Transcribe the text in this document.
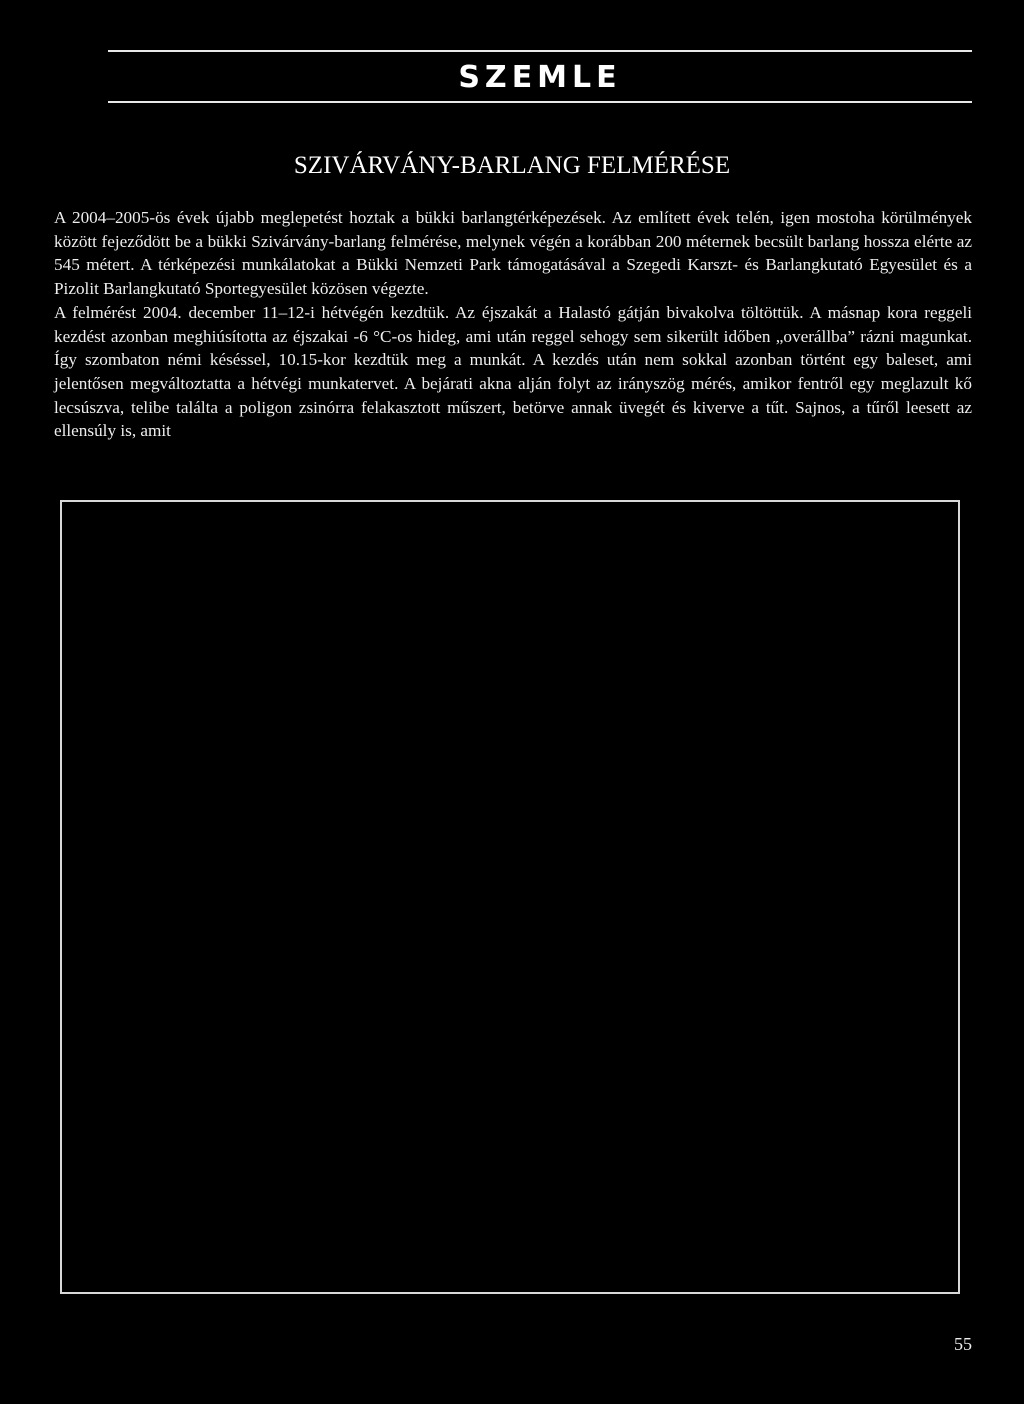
SZEMLE
SZIVÁRVÁNY-BARLANG FELMÉRÉSE

A 2004–2005-ös évek újabb meglepetést hoztak a bükki barlangtérképezések. Az említett évek telén, igen mostoha körülmények között fejeződött be a bükki Szivárvány-barlang felmérése, melynek végén a korábban 200 méternek becsült barlang hossza elérte az 545 métert. A térképezési munkálatokat a Bükki Nemzeti Park támogatásával a Szegedi Karszt- és Barlangkutató Egyesület és a Pizolit Barlangkutató Sportegyesület közösen végezte.

A felmérést 2004. december 11–12-i hétvégén kezdtük. Az éjszakát a Halastó gátján bivakolva töltöttük. A másnap kora reggeli kezdést azonban meghiúsította az éjszakai -6 °C-os hideg, ami után reggel sehogy sem sikerült időben „overállba” rázni magunkat. Így szombaton némi késéssel, 10.15-kor kezdtük meg a munkát. A kezdés után nem sokkal azonban történt egy baleset, ami jelentősen megváltoztatta a hétvégi munkatervet. A bejárati akna alján folyt az irányszög mérés, amikor fentről egy meglazult kő lecsúszva, telibe találta a poligon zsinórra felakasztott műszert, betörve annak üvegét és kiverve a tűt. Sajnos, a tűről leesett az ellensúly is, amit

55
